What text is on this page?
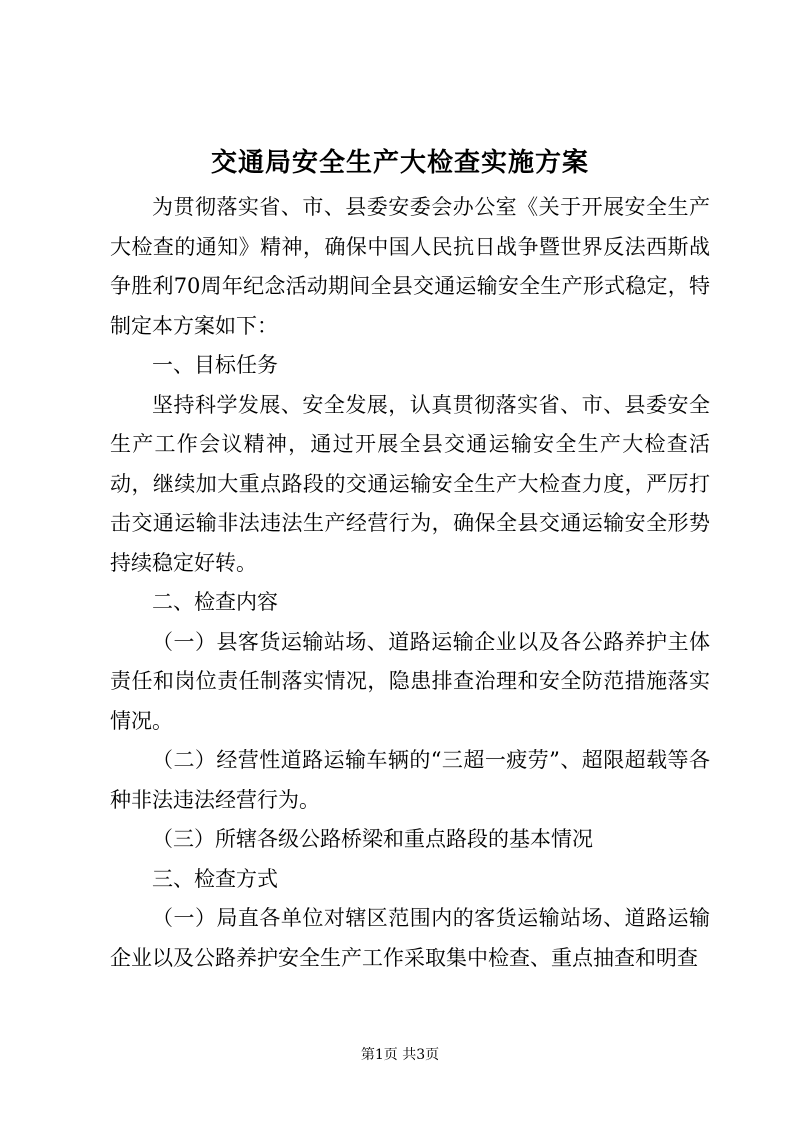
交通局安全生产大检查实施方案

为贯彻落实省、市、县委安委会办公室《关于开展安全生产大检查的通知》精神，确保中国人民抗日战争暨世界反法西斯战争胜利70周年纪念活动期间全县交通运输安全生产形式稳定，特制定本方案如下：

一、目标任务

坚持科学发展、安全发展，认真贯彻落实省、市、县委安全生产工作会议精神，通过开展全县交通运输安全生产大检查活动，继续加大重点路段的交通运输安全生产大检查力度，严厉打击交通运输非法违法生产经营行为，确保全县交通运输安全形势持续稳定好转。

二、检查内容

（一）县客货运输站场、道路运输企业以及各公路养护主体责任和岗位责任制落实情况，隐患排查治理和安全防范措施落实情况。

（二）经营性道路运输车辆的“三超一疲劳”、超限超载等各种非法违法经营行为。

（三）所辖各级公路桥梁和重点路段的基本情况

三、检查方式

（一）局直各单位对辖区范围内的客货运输站场、道路运输企业以及公路养护安全生产工作采取集中检查、重点抽查和明查

第1页 共3页
